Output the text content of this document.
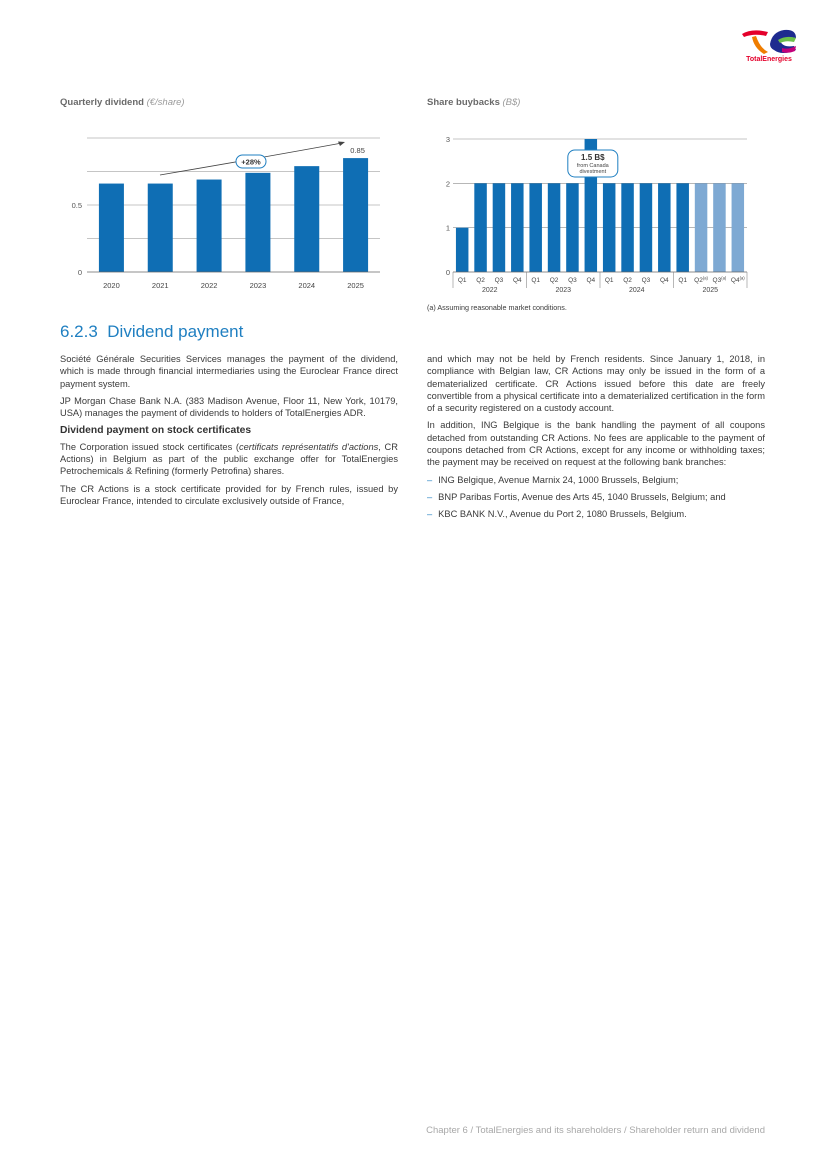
TotalEnergies
Quarterly dividend (€/share)
0
0.5
2020	2021	2022	2023	2024	2025
0.85
+28%
Share buybacks (B$)
0
1
2
3
Q1 Q2 Q3 Q4 Q1 Q2 Q3 Q4 Q1 Q2 Q3 Q4 Q1 Q2$^{(a)}$ Q3$^{(a)}$ Q4$^{(a)}$
2022	2023	2024	2025
1.5 B$
from Canada
divestment
(a) Assuming reasonable market conditions.
6.2.3 Dividend payment

Société Générale Securities Services manages the payment of the dividend, which is made through financial intermediaries using the Euroclear France direct payment system.

JP Morgan Chase Bank N.A. (383 Madison Avenue, Floor 11, New York, 10179, USA) manages the payment of dividends to holders of TotalEnergies ADR.

Dividend payment on stock certificates

The Corporation issued stock certificates (certificats représentatifs d'actions, CR Actions) in Belgium as part of the public exchange offer for TotalEnergies Petrochemicals & Refining (formerly Petrofina) shares.

The CR Actions is a stock certificate provided for by French rules, issued by Euroclear France, intended to circulate exclusively outside of France,

and which may not be held by French residents. Since January 1, 2018, in compliance with Belgian law, CR Actions may only be issued in the form of a dematerialized certificate. CR Actions issued before this date are freely convertible from a physical certificate into a dematerialized certification in the form of a security registered on a custody account.

In addition, ING Belgique is the bank handling the payment of all coupons detached from outstanding CR Actions. No fees are applicable to the payment of coupons detached from CR Actions, except for any income or withholding taxes; the payment may be received on request at the following bank branches:

– ING Belgique, Avenue Marnix 24, 1000 Brussels, Belgium;
– BNP Paribas Fortis, Avenue des Arts 45, 1040 Brussels, Belgium; and
– KBC BANK N.V., Avenue du Port 2, 1080 Brussels, Belgium.
Chapter 6 / TotalEnergies and its shareholders / Shareholder return and dividend
